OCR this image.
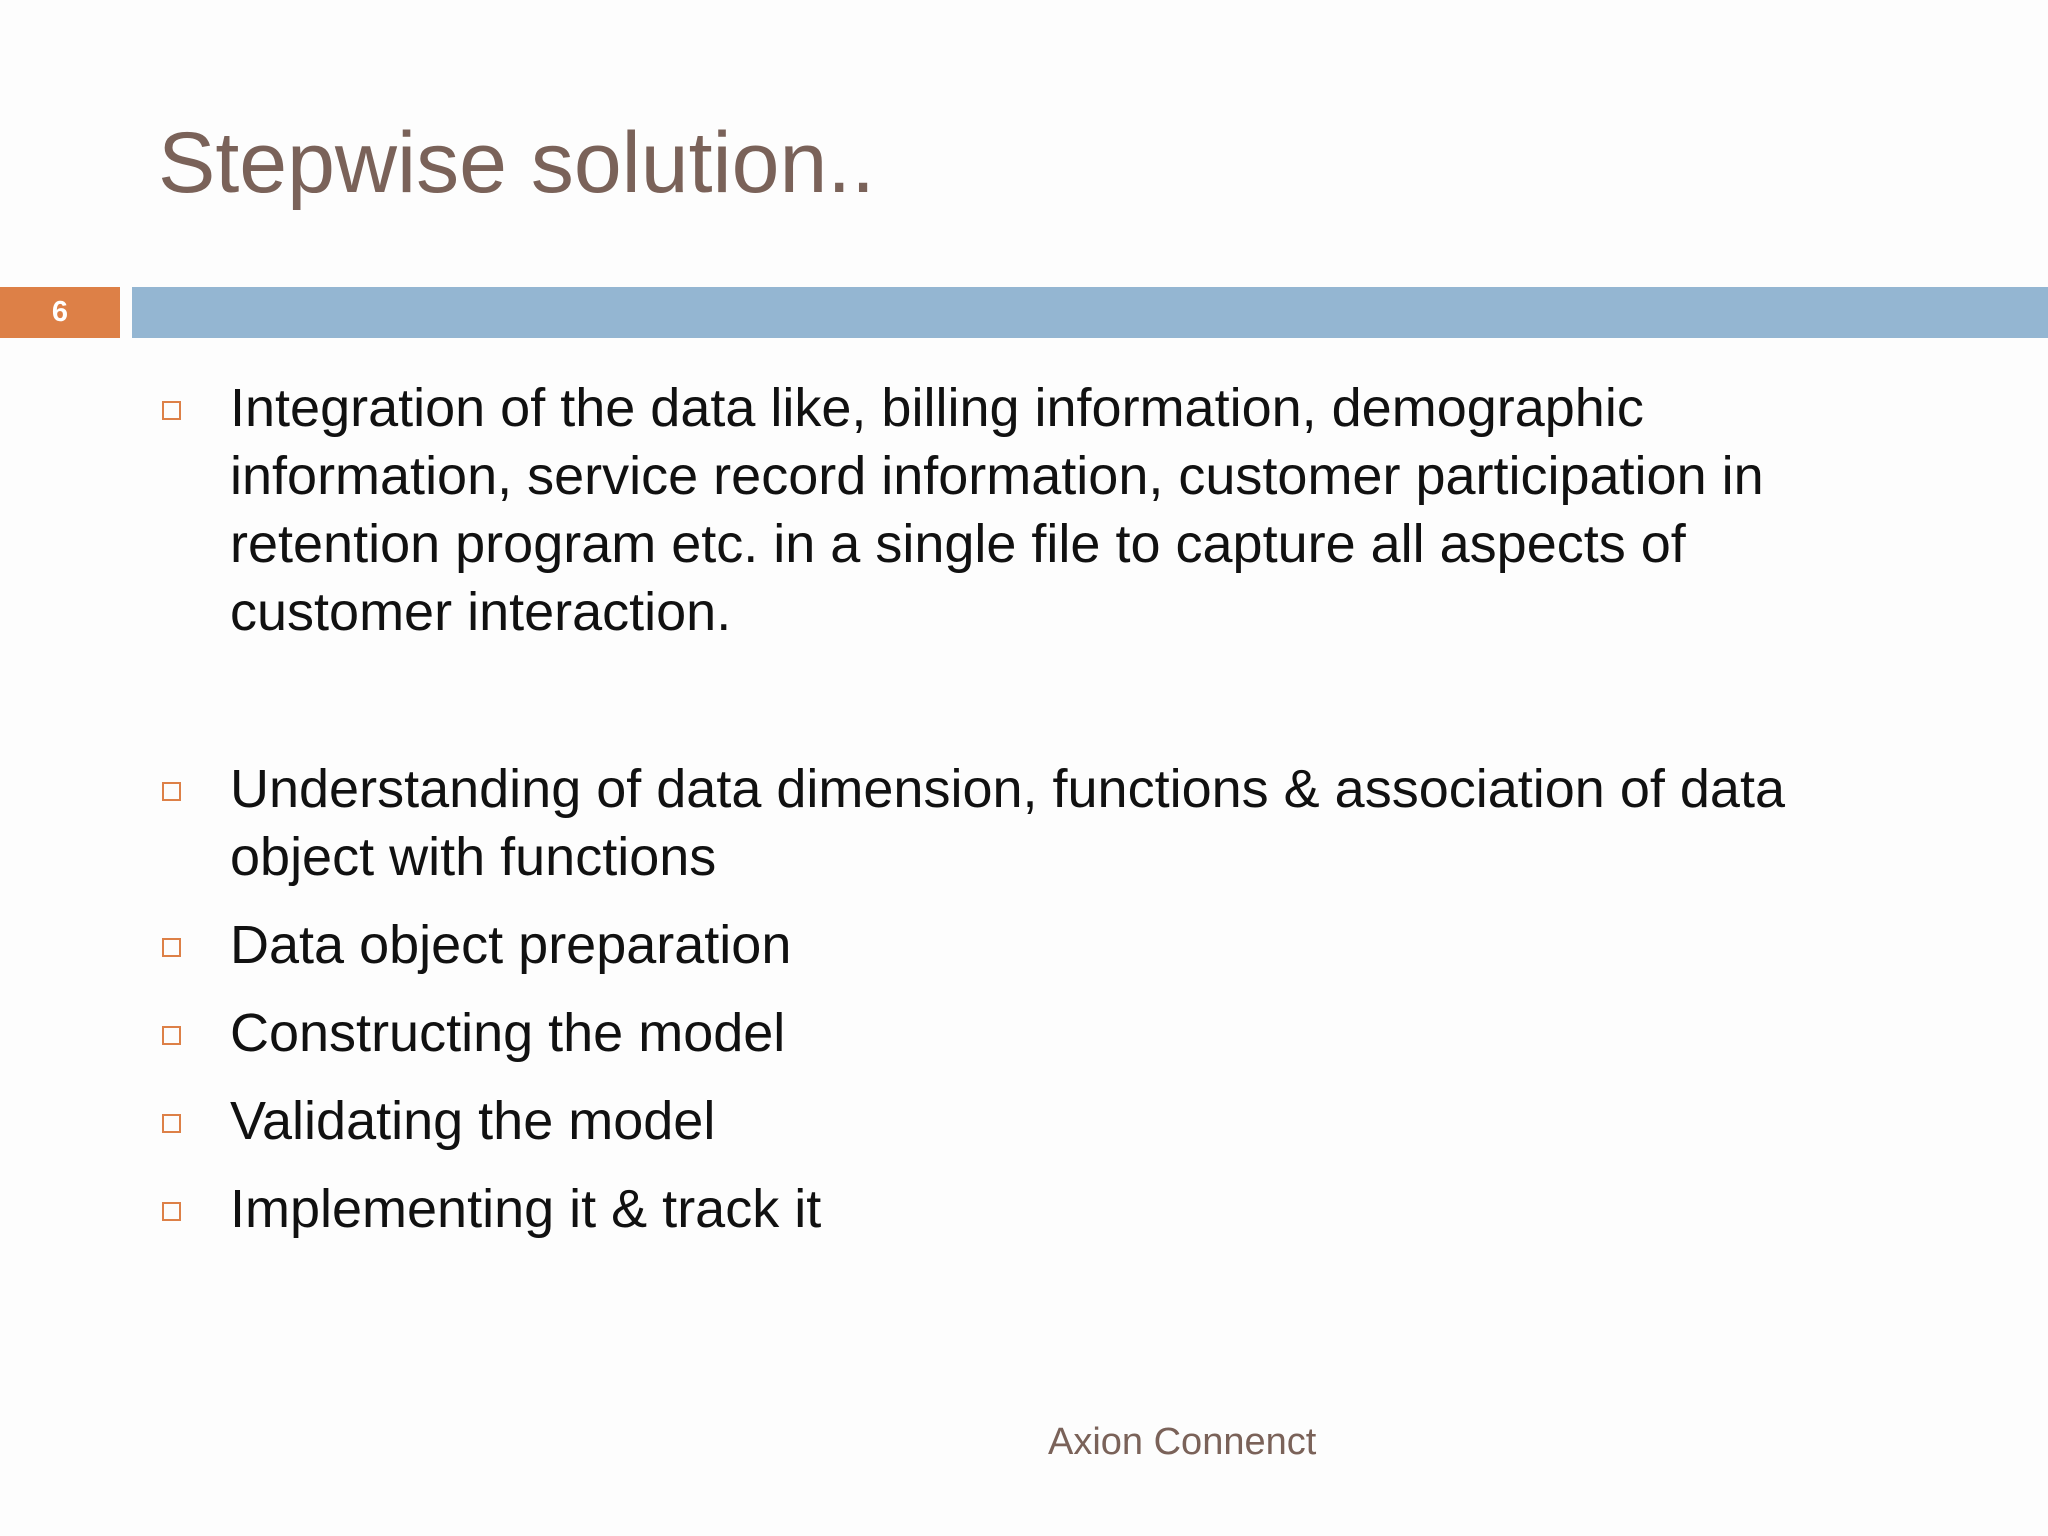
Stepwise solution..
6
Integration of the data like, billing information, demographic
information, service record information, customer participation in
retention program etc. in a single file to capture all aspects of
customer interaction.
Understanding of data dimension, functions & association of data
object with functions
Data object preparation
Constructing the model
Validating the model
Implementing it & track it
Axion Connenct
